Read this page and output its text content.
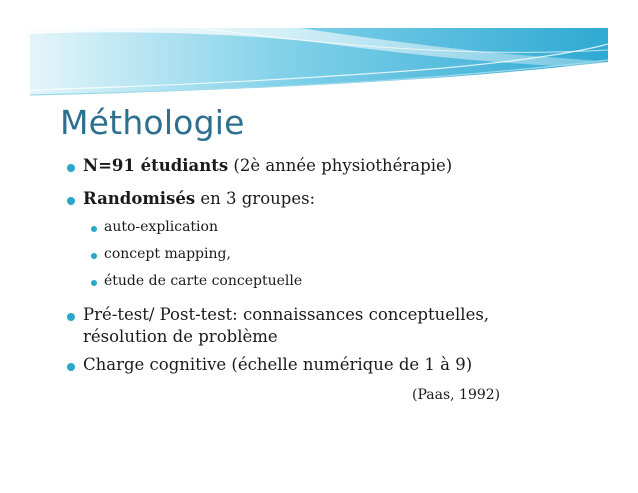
Méthologie
N=91 étudiants (2è année physiothérapie)
Randomisés en 3 groupes:
auto-explication
concept mapping,
étude de carte conceptuelle
Pré-test/ Post-test: connaissances conceptuelles,
résolution de problème
Charge cognitive (échelle numérique de 1 à 9)
(Paas, 1992)
